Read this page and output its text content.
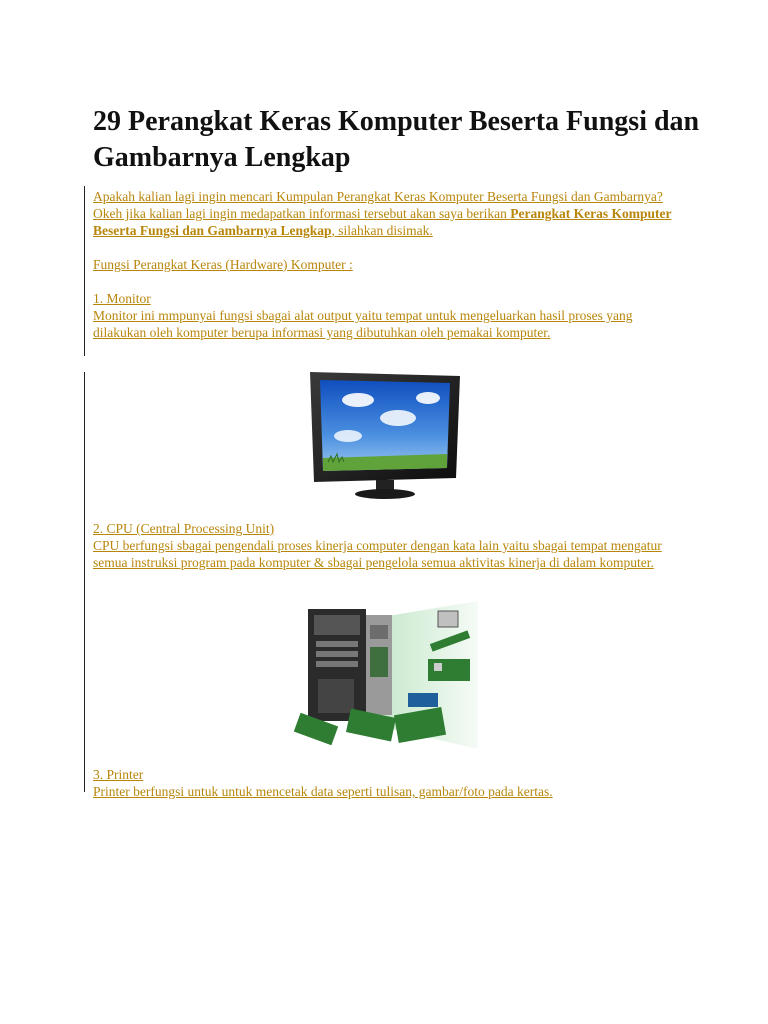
29 Perangkat Keras Komputer Beserta Fungsi dan Gambarnya Lengkap
Apakah kalian lagi ingin mencari Kumpulan Perangkat Keras Komputer Beserta Fungsi dan Gambarnya? Okeh jika kalian lagi ingin medapatkan informasi tersebut akan saya berikan Perangkat Keras Komputer Beserta Fungsi dan Gambarnya Lengkap, silahkan disimak.
Fungsi Perangkat Keras (Hardware) Komputer :
1. Monitor
Monitor ini mmpunyai fungsi sbagai alat output yaitu tempat untuk mengeluarkan hasil proses yang dilakukan oleh komputer berupa informasi yang dibutuhkan oleh pemakai komputer.
2. CPU (Central Processing Unit)
CPU berfungsi sbagai pengendali proses kinerja computer dengan kata lain yaitu sbagai tempat mengatur semua instruksi program pada komputer & sbagai pengelola semua aktivitas kinerja di dalam komputer.
3. Printer
Printer berfungsi untuk untuk mencetak data seperti tulisan, gambar/foto pada kertas.
